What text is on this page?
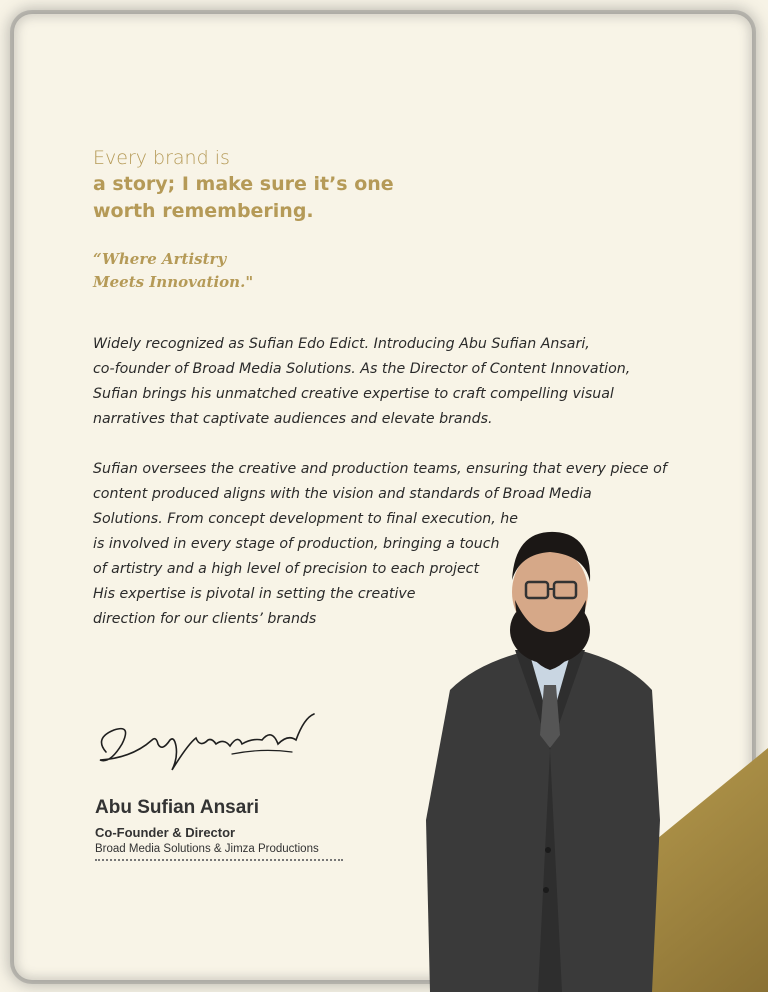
Every brand is
a story; I make sure it’s one
worth remembering.
“Where Artistry
Meets Innovation."

Widely recognized as Sufian Edo Edict. Introducing Abu Sufian Ansari,
co-founder of Broad Media Solutions. As the Director of Content Innovation,
Sufian brings his unmatched creative expertise to craft compelling visual
narratives that captivate audiences and elevate brands.

Sufian oversees the creative and production teams, ensuring that every piece of
content produced aligns with the vision and standards of Broad Media
Solutions. From concept development to final execution, he
is involved in every stage of production, bringing a touch
of artistry and a high level of precision to each project
His expertise is pivotal in setting the creative
direction for our clients’ brands

Abu Sufian Ansari
Co-Founder & Director
Broad Media Solutions & Jimza Productions
